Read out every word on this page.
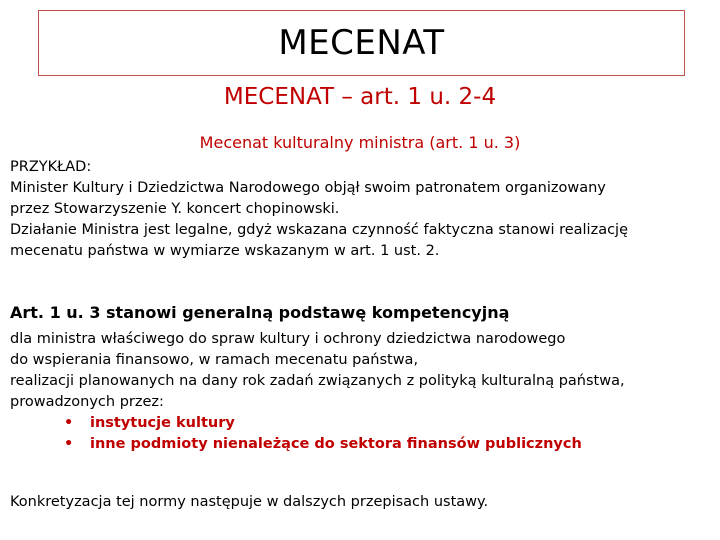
MECENAT
MECENAT – art. 1 u. 2-4
Mecenat kulturalny ministra (art. 1 u. 3)
PRZYKŁAD:
Minister Kultury i Dziedzictwa Narodowego objął swoim patronatem organizowany
przez Stowarzyszenie Y. koncert chopinowski.
Działanie Ministra jest legalne, gdyż wskazana czynność faktyczna stanowi realizację
mecenatu państwa w wymiarze wskazanym w art. 1 ust. 2.
Art. 1 u. 3 stanowi generalną podstawę kompetencyjną
dla ministra właściwego do spraw kultury i ochrony dziedzictwa narodowego
do wspierania finansowo, w ramach mecenatu państwa,
realizacji planowanych na dany rok zadań związanych z polityką kulturalną państwa,
prowadzonych przez:
•
instytucje kultury
•
inne podmioty nienależące do sektora finansów publicznych
Konkretyzacja tej normy następuje w dalszych przepisach ustawy.
